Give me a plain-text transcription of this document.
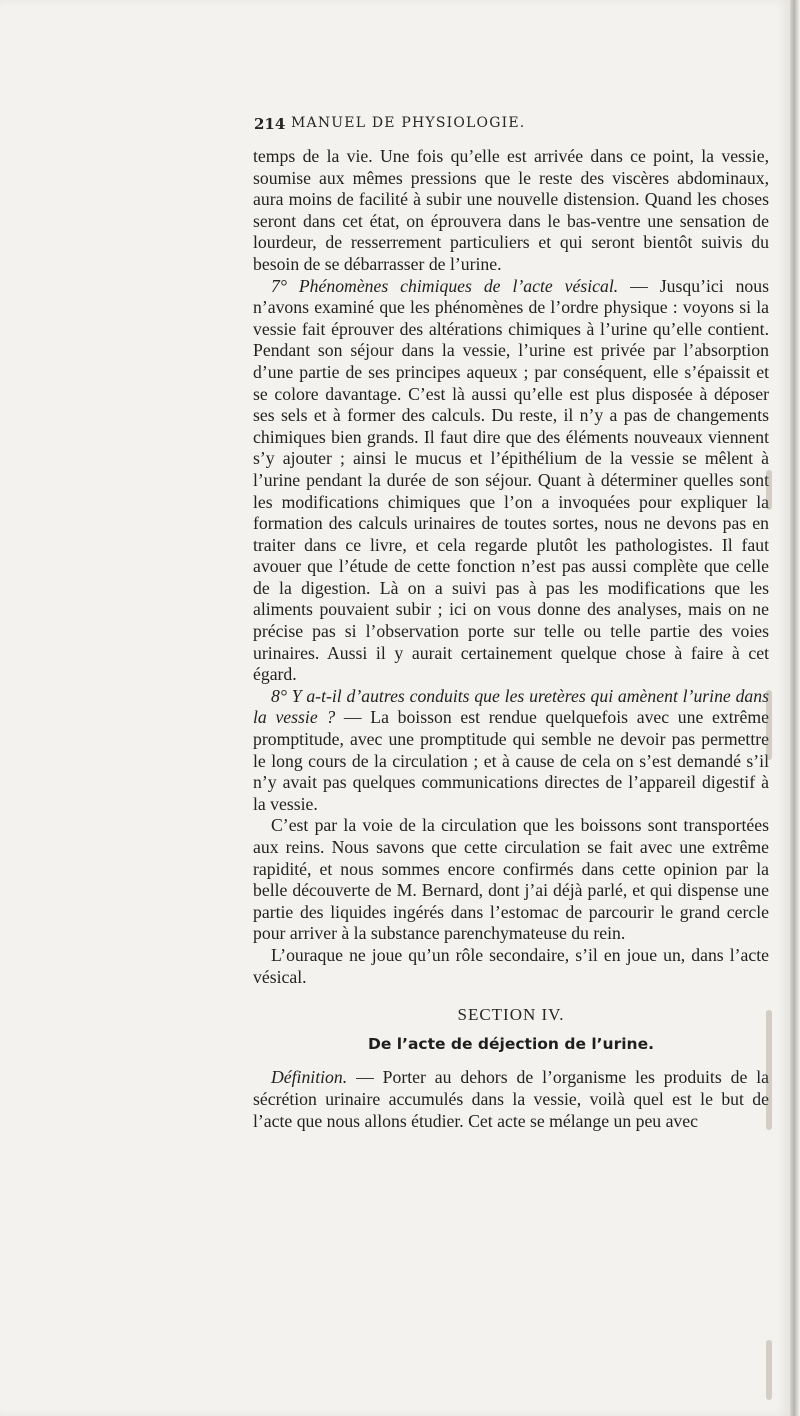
214 MANUEL DE PHYSIOLOGIE.

temps de la vie. Une fois qu’elle est arrivée dans ce point, la vessie, soumise aux mêmes pressions que le reste des viscères abdominaux, aura moins de facilité à subir une nouvelle distension. Quand les choses seront dans cet état, on éprouvera dans le bas-ventre une sensation de lourdeur, de resserrement particuliers et qui seront bientôt suivis du besoin de se débarrasser de l’urine.

7° Phénomènes chimiques de l’acte vésical. — Jusqu’ici nous n’avons examiné que les phénomènes de l’ordre physique : voyons si la vessie fait éprouver des altérations chimiques à l’urine qu’elle contient. Pendant son séjour dans la vessie, l’urine est privée par l’absorption d’une partie de ses principes aqueux ; par conséquent, elle s’épaissit et se colore davantage. C’est là aussi qu’elle est plus disposée à déposer ses sels et à former des calculs. Du reste, il n’y a pas de changements chimiques bien grands. Il faut dire que des éléments nouveaux viennent s’y ajouter ; ainsi le mucus et l’épithélium de la vessie se mêlent à l’urine pendant la durée de son séjour. Quant à déterminer quelles sont les modifications chimiques que l’on a invoquées pour expliquer la formation des calculs urinaires de toutes sortes, nous ne devons pas en traiter dans ce livre, et cela regarde plutôt les pathologistes. Il faut avouer que l’étude de cette fonction n’est pas aussi complète que celle de la digestion. Là on a suivi pas à pas les modifications que les aliments pouvaient subir ; ici on vous donne des analyses, mais on ne précise pas si l’observation porte sur telle ou telle partie des voies urinaires. Aussi il y aurait certainement quelque chose à faire à cet égard.

8° Y a-t-il d’autres conduits que les uretères qui amènent l’urine dans la vessie ? — La boisson est rendue quelquefois avec une extrême promptitude, avec une promptitude qui semble ne devoir pas permettre le long cours de la circulation ; et à cause de cela on s’est demandé s’il n’y avait pas quelques communications directes de l’appareil digestif à la vessie.

C’est par la voie de la circulation que les boissons sont transportées aux reins. Nous savons que cette circulation se fait avec une extrême rapidité, et nous sommes encore confirmés dans cette opinion par la belle découverte de M. Bernard, dont j’ai déjà parlé, et qui dispense une partie des liquides ingérés dans l’estomac de parcourir le grand cercle pour arriver à la substance parenchymateuse du rein.

L’ouraque ne joue qu’un rôle secondaire, s’il en joue un, dans l’acte vésical.

SECTION IV.
De l’acte de déjection de l’urine.

Définition. — Porter au dehors de l’organisme les produits de la sécrétion urinaire accumulés dans la vessie, voilà quel est le but de l’acte que nous allons étudier. Cet acte se mélange un peu avec
